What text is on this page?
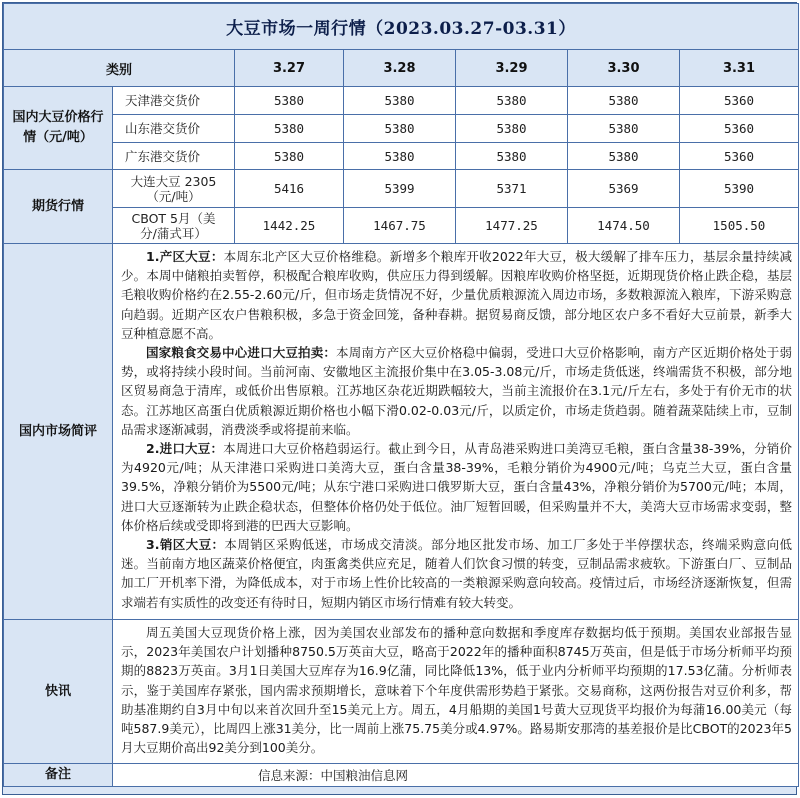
大豆市场一周行情（2023.03.27-03.31）						
类别		3.27	3.28	3.29	3.30	3.31

国内大豆价格行情（元/吨）	天津港交货价	5380	5380	5380	5380	5360
	山东港交货价	5380	5380	5380	5380	5360
	广东港交货价	5380	5380	5380	5380	5360
期货行情	大连大豆 2305（元/吨）	5416	5399	5371	5369	5390

	CBOT 5月（美分/蒲式耳）	1442.25	1467.75	1477.25	1474.50	1505.50
国内市场简评	1.产区大豆：本周东北产区大豆价格维稳。新增多个粮库开收2022年大豆，极大缓解了排车压力，基层余量持续减少。本周中储粮拍卖暂停，积极配合粮库收购，供应压力得到缓解。因粮库收购价格坚挺，近期现货价格止跌企稳，基层毛粮收购价格约在2.55-2.60元/斤，但市场走货情况不好，少量优质粮源流入周边市场，多数粮源流入粮库，下游采购意向趋弱。近期产区农户售粮积极，多急于资金回笼，备种春耕。据贸易商反馈，部分地区农户多不看好大豆前景，新季大豆种植意愿不高。

国家粮食交易中心进口大豆拍卖：本周南方产区大豆价格稳中偏弱，受进口大豆价格影响，南方产区近期价格处于弱势，或将持续小段时间。当前河南、安徽地区主流报价集中在3.05-3.08元/斤，市场走货低迷，终端需货不积极，部分地区贸易商急于清库，或低价出售原粮。江苏地区杂花近期跌幅较大，当前主流报价在3.1元/斤左右，多处于有价无市的状态。江苏地区高蛋白优质粮源近期价格也小幅下滑0.02-0.03元/斤，以质定价，市场走货趋弱。随着蔬菜陆续上市，豆制品需求逐渐减弱，消费淡季或将提前来临。

2.进口大豆：本周进口大豆价格趋弱运行。截止到今日，从青岛港采购进口美湾豆毛粮，蛋白含量38-39%，分销价为4920元/吨；从天津港口采购进口美湾大豆，蛋白含量38-39%，毛粮分销价为4900元/吨；乌克兰大豆，蛋白含量39.5%，净粮分销价为5500元/吨；从东宁港口采购进口俄罗斯大豆，蛋白含量43%，净粮分销价为5700元/吨；本周，进口大豆逐渐转为止跌企稳状态，但整体价格仍处于低位。油厂短暂回暖，但采购量并不大，美湾大豆市场需求变弱，整体价格后续或受即将到港的巴西大豆影响。

3.销区大豆：本周销区采购低迷，市场成交清淡。部分地区批发市场、加工厂多处于半停摆状态，终端采购意向低迷。当前南方地区蔬菜价格便宜，肉蛋禽类供应充足，随着人们饮食习惯的转变，豆制品需求疲软。下游蛋白厂、豆制品加工厂开机率下滑，为降低成本，对于市场上性价比较高的一类粮源采购意向较高。疫情过后，市场经济逐渐恢复，但需求端若有实质性的改变还有待时日，短期内销区市场行情难有较大转变。					

快讯	周五美国大豆现货价格上涨，因为美国农业部发布的播种意向数据和季度库存数据均低于预期。美国农业部报告显示，2023年美国农户计划播种8750.5万英亩大豆，略高于2022年的播种面积8745万英亩，但是低于市场分析师平均预期的8823万英亩。3月1日美国大豆库存为16.9亿蒲，同比降低13%，低于业内分析师平均预期的17.53亿蒲。分析师表示，鉴于美国库存紧张，国内需求预期增长，意味着下个年度供需形势趋于紧张。交易商称，这两份报告对豆价利多，帮助基准期约自3月中旬以来首次回升至15美元上方。周五，4月船期的美国1号黄大豆现货平均报价为每蒲16.00美元（每吨587.9美元），比周四上涨31美分，比一周前上涨75.75美分或4.97%。路易斯安那湾的基差报价是比CBOT的2023年5月大豆期价高出92美分到100美分。					

备注	信息来源：中国粮油信息网					
